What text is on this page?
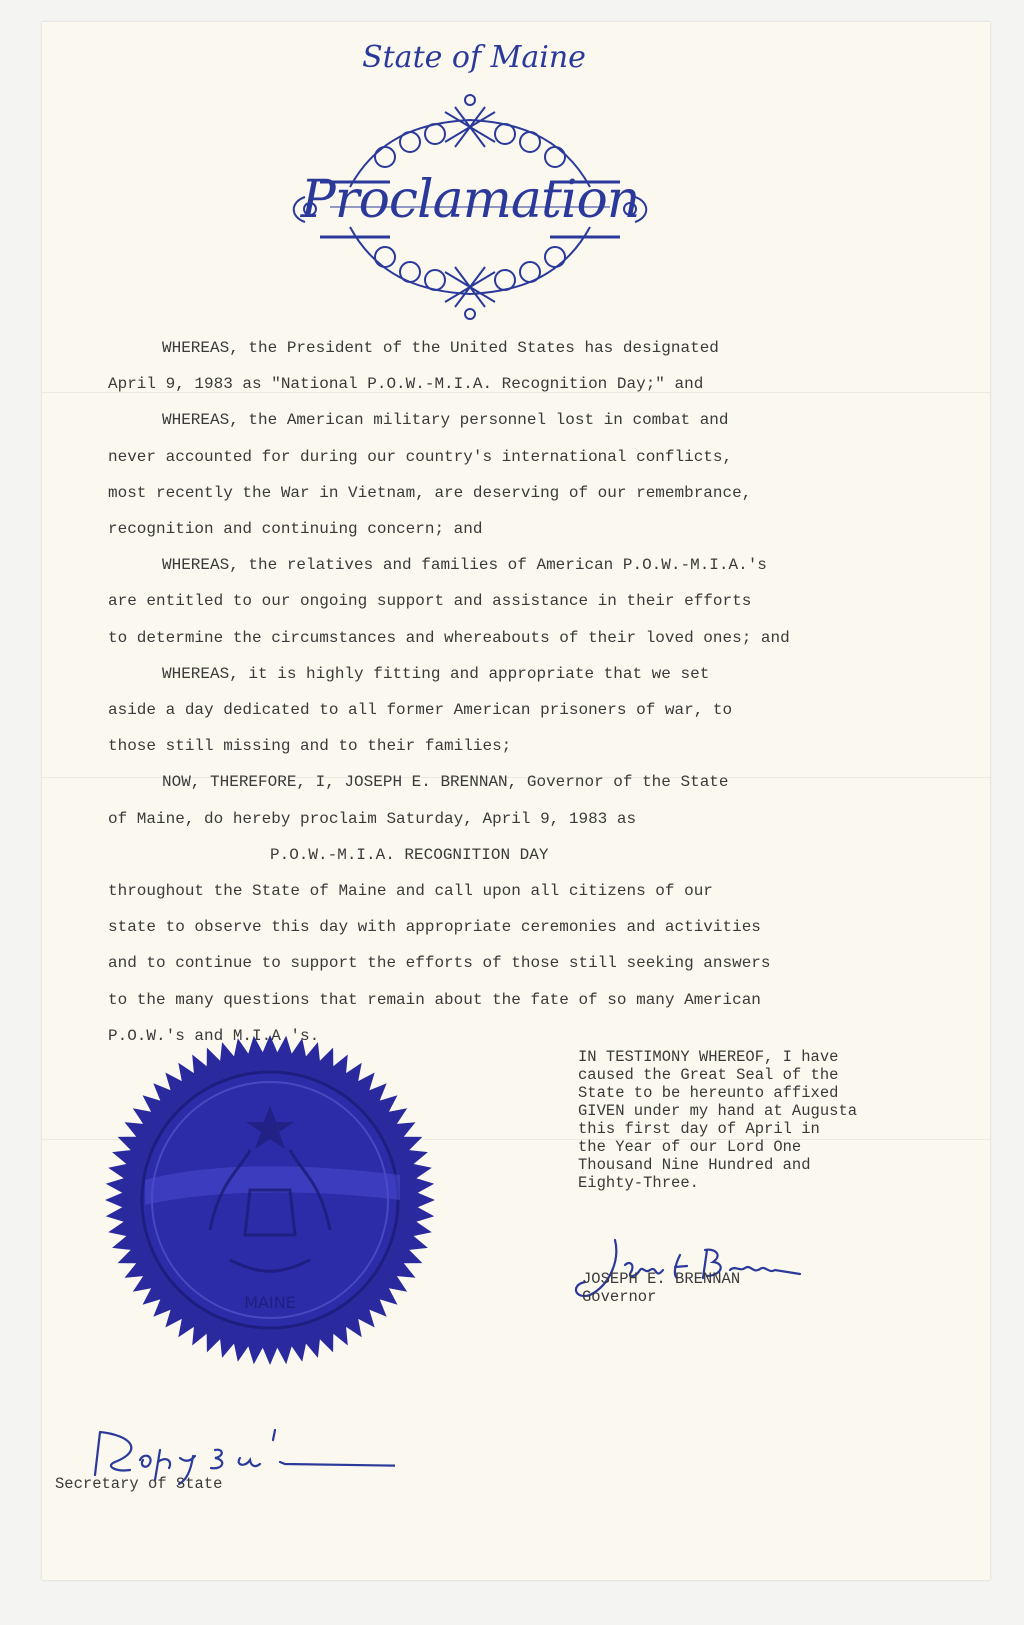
State of Maine
Proclamation
WHEREAS, the President of the United States has designated
April 9, 1983 as "National P.O.W.-M.I.A. Recognition Day;" and
WHEREAS, the American military personnel lost in combat and
never accounted for during our country's international conflicts,
most recently the War in Vietnam, are deserving of our remembrance,
recognition and continuing concern; and
WHEREAS, the relatives and families of American P.O.W.-M.I.A.'s
are entitled to our ongoing support and assistance in their efforts
to determine the circumstances and whereabouts of their loved ones; and
WHEREAS, it is highly fitting and appropriate that we set
aside a day dedicated to all former American prisoners of war, to
those still missing and to their families;
NOW, THEREFORE, I, JOSEPH E. BRENNAN, Governor of the State
of Maine, do hereby proclaim Saturday, April 9, 1983 as
P.O.W.-M.I.A. RECOGNITION DAY
throughout the State of Maine and call upon all citizens of our
state to observe this day with appropriate ceremonies and activities
and to continue to support the efforts of those still seeking answers
to the many questions that remain about the fate of so many American
P.O.W.'s and M.I.A.'s.
IN TESTIMONY WHEREOF, I have
caused the Great Seal of the
State to be hereunto affixed
GIVEN under my hand at Augusta
this first day of April in
the Year of our Lord One
Thousand Nine Hundred and
Eighty-Three.
MAINE
JOSEPH E. BRENNAN
Governor
Secretary of State
